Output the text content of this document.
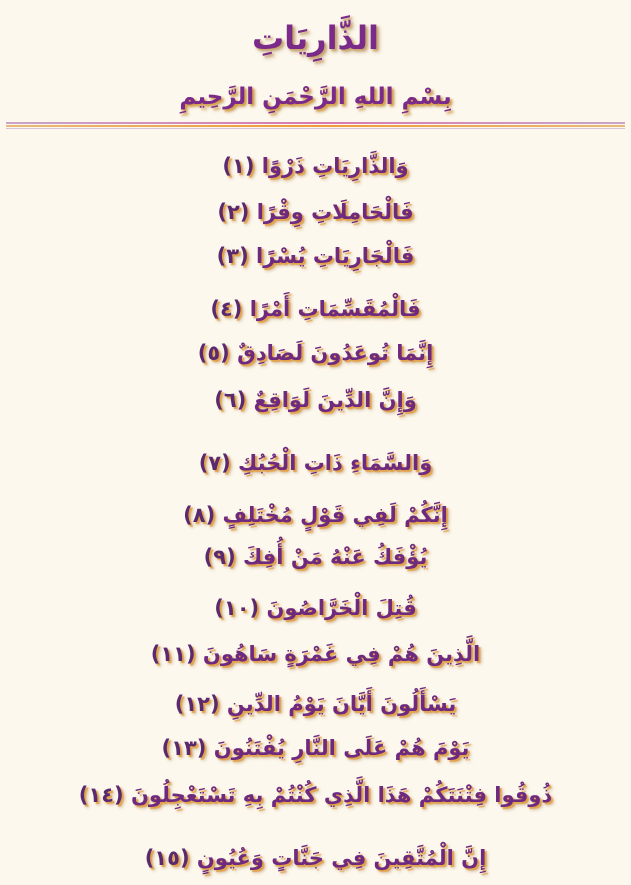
الذَّارِيَاتِ
بِسْمِ اللهِ الرَّحْمَنِ الرَّحِيمِ
وَالذَّارِيَاتِ ذَرْوًا (١)
فَالْحَامِلَاتِ وِقْرًا (٢)
فَالْجَارِيَاتِ يُسْرًا (٣)
فَالْمُقَسِّمَاتِ أَمْرًا (٤)
إِنَّمَا تُوعَدُونَ لَصَادِقٌ (٥)
وَإِنَّ الدِّينَ لَوَاقِعٌ (٦)
وَالسَّمَاءِ ذَاتِ الْحُبُكِ (٧)
إِنَّكُمْ لَفِي قَوْلٍ مُخْتَلِفٍ (٨)
يُؤْفَكُ عَنْهُ مَنْ أُفِكَ (٩)
قُتِلَ الْخَرَّاصُونَ (١٠)
الَّذِينَ هُمْ فِي غَمْرَةٍ سَاهُونَ (١١)
يَسْأَلُونَ أَيَّانَ يَوْمُ الدِّينِ (١٢)
يَوْمَ هُمْ عَلَى النَّارِ يُفْتَنُونَ (١٣)
ذُوقُوا فِتْنَتَكُمْ هَذَا الَّذِي كُنْتُمْ بِهِ تَسْتَعْجِلُونَ (١٤)
إِنَّ الْمُتَّقِينَ فِي جَنَّاتٍ وَعُيُونٍ (١٥)
